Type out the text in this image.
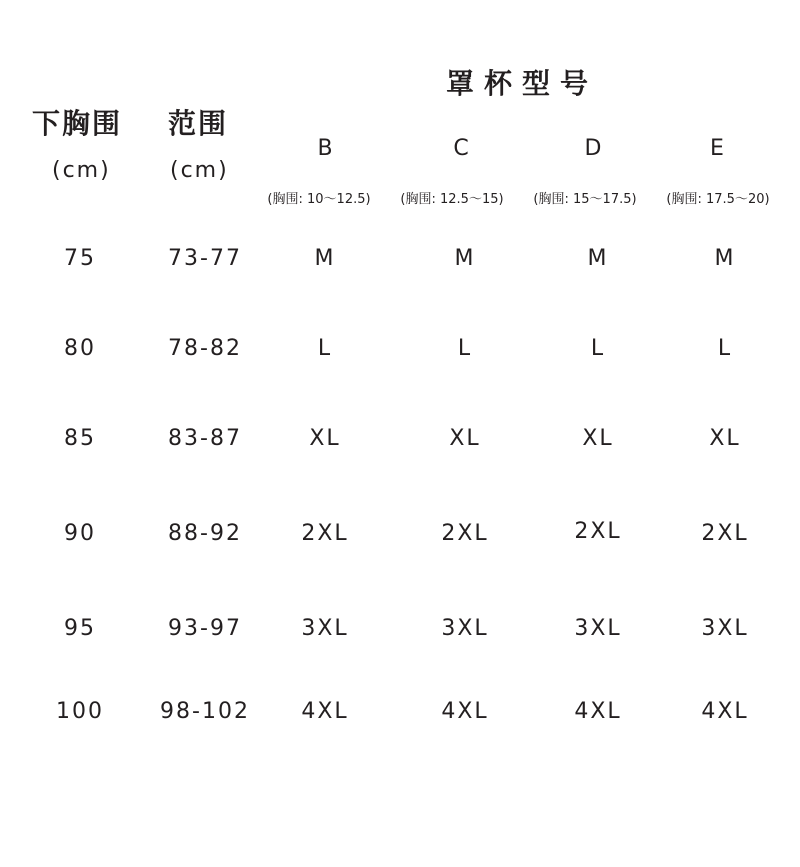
罩杯型号
下胸围 范围
(cm)	(cm)
B	C	D	E
(胸围: 10～12.5)	(胸围: 12.5～15)	(胸围: 15～17.5)	(胸围: 17.5～20)
75	73-77	M	M	M	M
80	78-82	L	L	L	L
85	83-87	XL	XL	XL	XL
90	88-92	2XL	2XL	2XL	2XL
95	93-97	3XL	3XL	3XL	3XL
100	98-102	4XL	4XL	4XL	4XL
